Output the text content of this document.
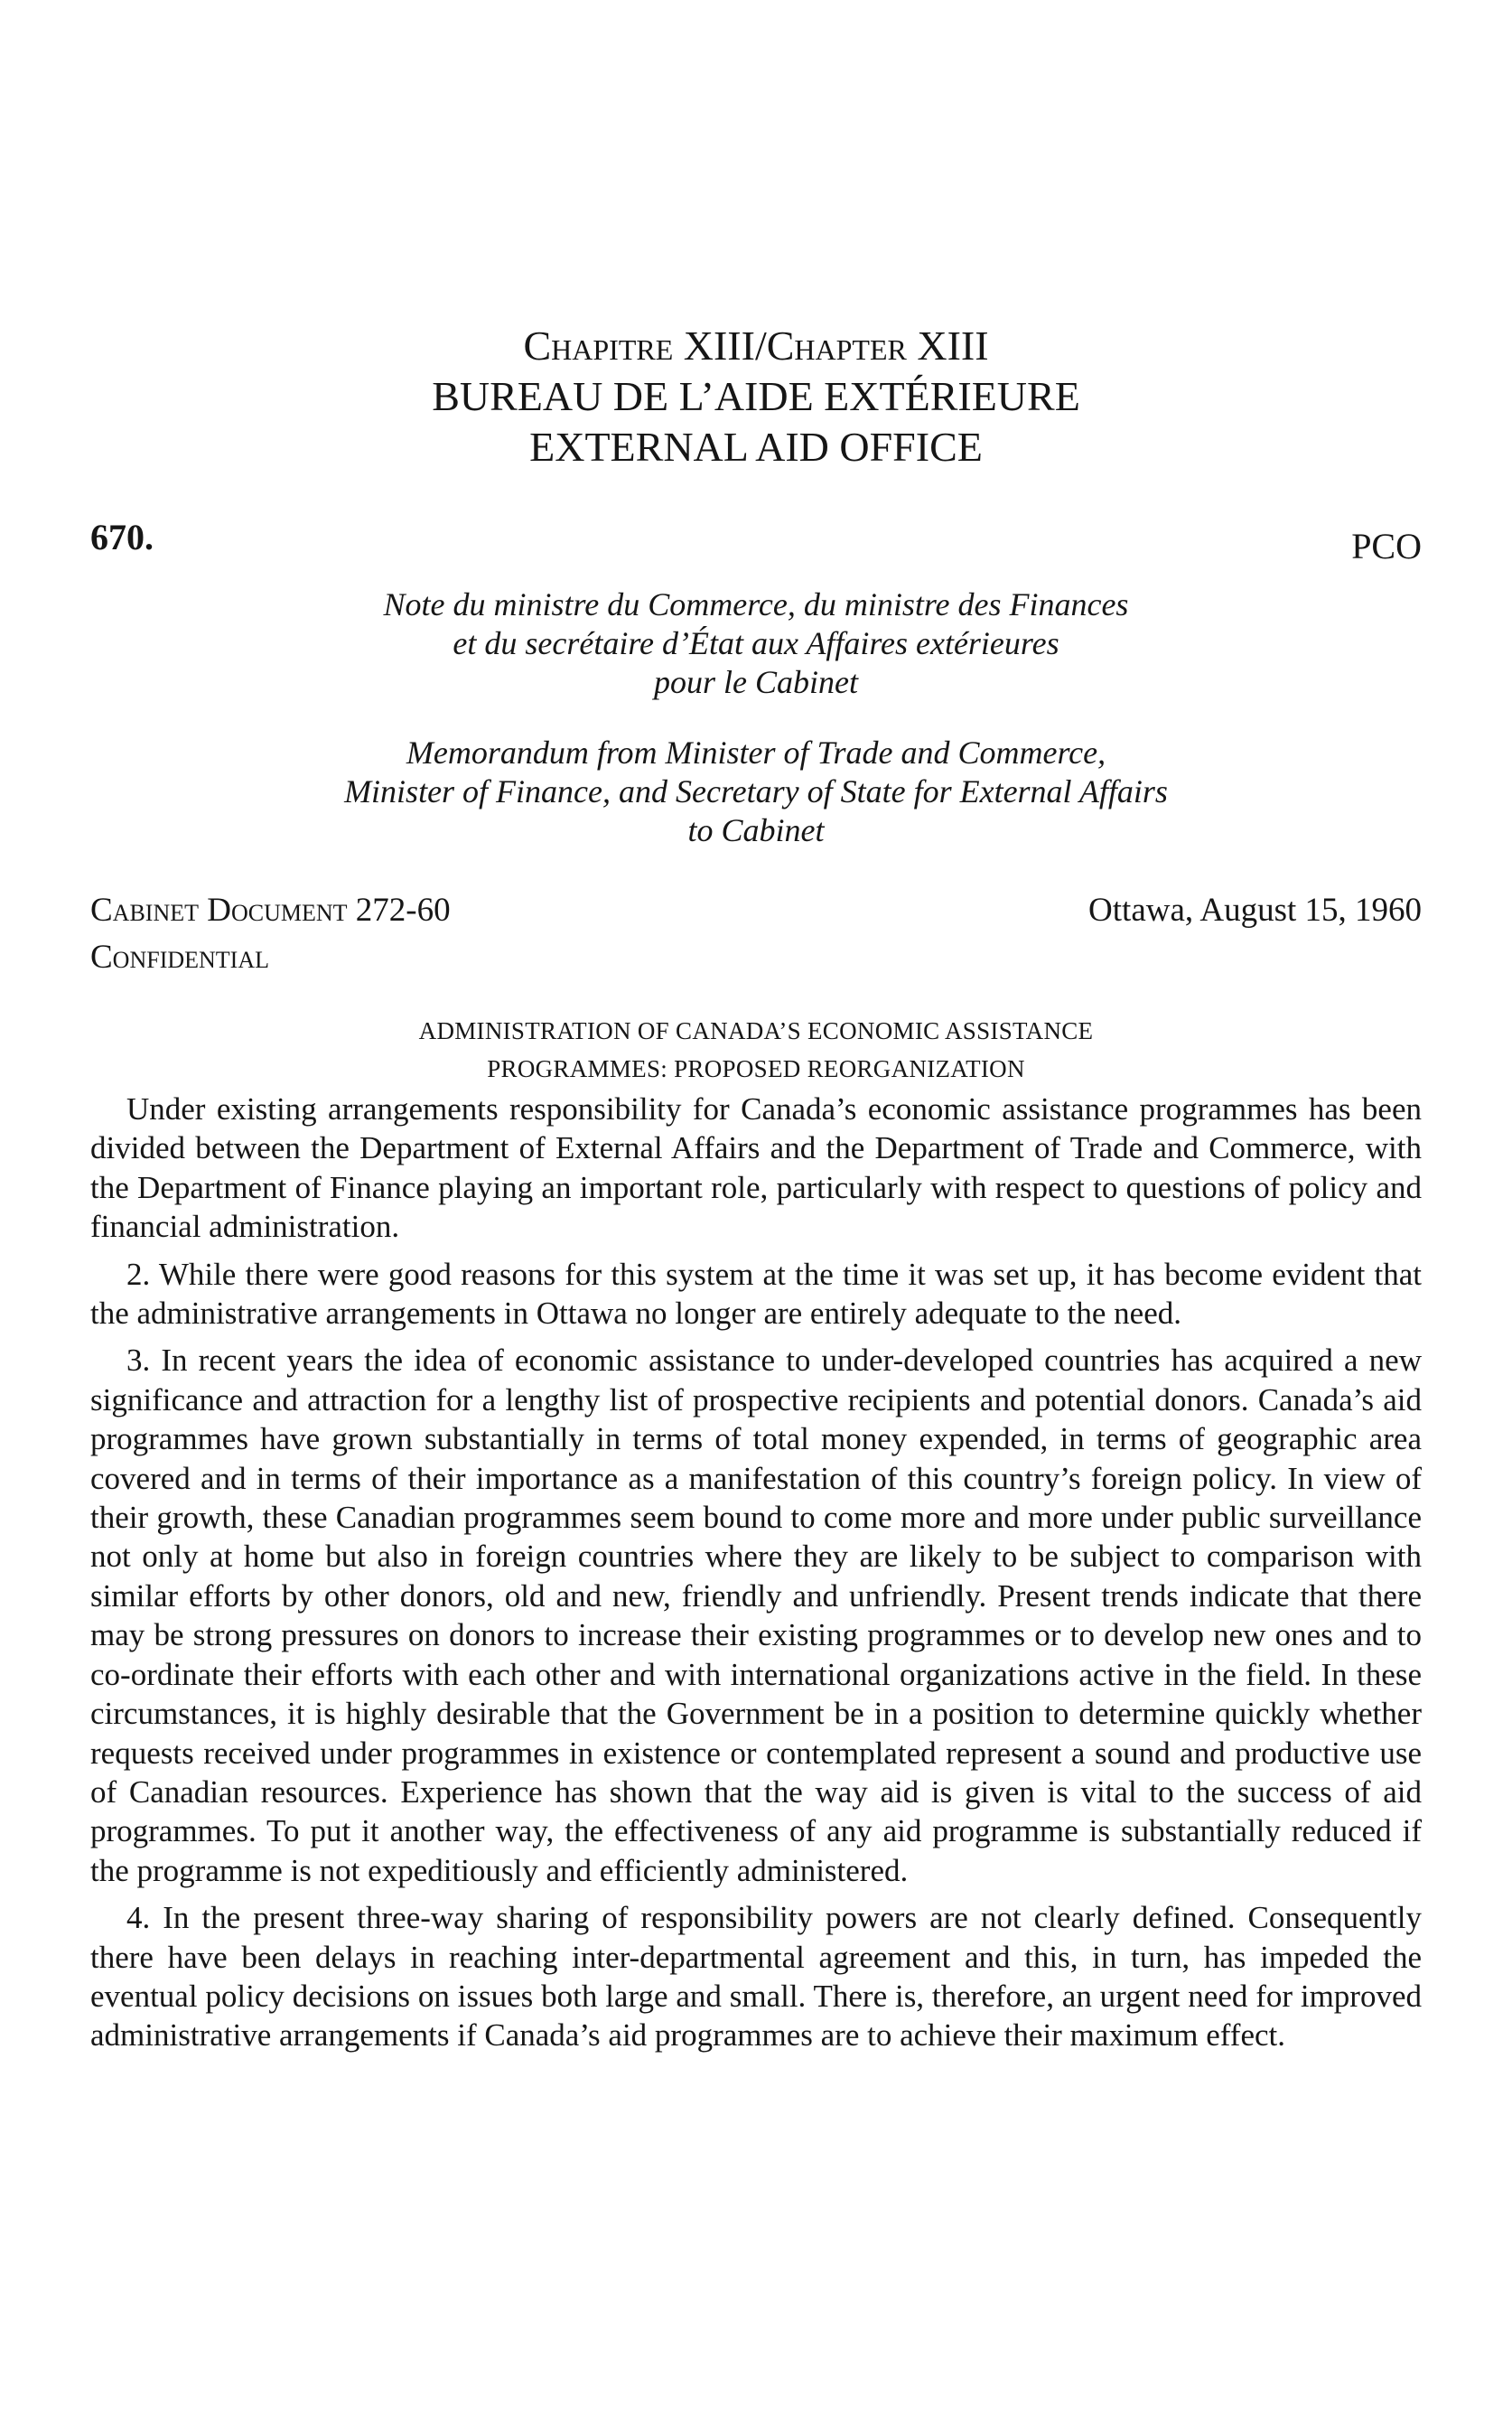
Chapitre XIII/Chapter XIII
BUREAU DE L’AIDE EXTÉRIEURE
EXTERNAL AID OFFICE
670.	PCO
Note du ministre du Commerce, du ministre des Finances
et du secrétaire d’État aux Affaires extérieures
pour le Cabinet
Memorandum from Minister of Trade and Commerce,
Minister of Finance, and Secretary of State for External Affairs
to Cabinet
Cabinet Document 272-60
Confidential
Ottawa, August 15, 1960
ADMINISTRATION OF CANADA’S ECONOMIC ASSISTANCE
PROGRAMMES: PROPOSED REORGANIZATION

Under existing arrangements responsibility for Canada’s economic assistance programmes has been divided between the Department of External Affairs and the Department of Trade and Commerce, with the Department of Finance playing an important role, particularly with respect to questions of policy and financial administration.

2. While there were good reasons for this system at the time it was set up, it has become evident that the administrative arrangements in Ottawa no longer are entirely adequate to the need.

3. In recent years the idea of economic assistance to under-developed countries has acquired a new significance and attraction for a lengthy list of prospective recipients and potential donors. Canada’s aid programmes have grown substantially in terms of total money expended, in terms of geographic area covered and in terms of their importance as a manifestation of this country’s foreign policy. In view of their growth, these Canadian programmes seem bound to come more and more under public surveillance not only at home but also in foreign countries where they are likely to be subject to comparison with similar efforts by other donors, old and new, friendly and unfriendly. Present trends indicate that there may be strong pressures on donors to increase their existing programmes or to develop new ones and to co-ordinate their efforts with each other and with international organizations active in the field. In these circumstances, it is highly desirable that the Government be in a position to determine quickly whether requests received under programmes in existence or contemplated represent a sound and productive use of Canadian resources. Experience has shown that the way aid is given is vital to the success of aid programmes. To put it another way, the effectiveness of any aid programme is substantially reduced if the programme is not expeditiously and efficiently administered.

4. In the present three-way sharing of responsibility powers are not clearly defined. Consequently there have been delays in reaching inter-departmental agreement and this, in turn, has impeded the eventual policy decisions on issues both large and small. There is, therefore, an urgent need for improved administrative arrangements if Canada’s aid programmes are to achieve their maximum effect.
